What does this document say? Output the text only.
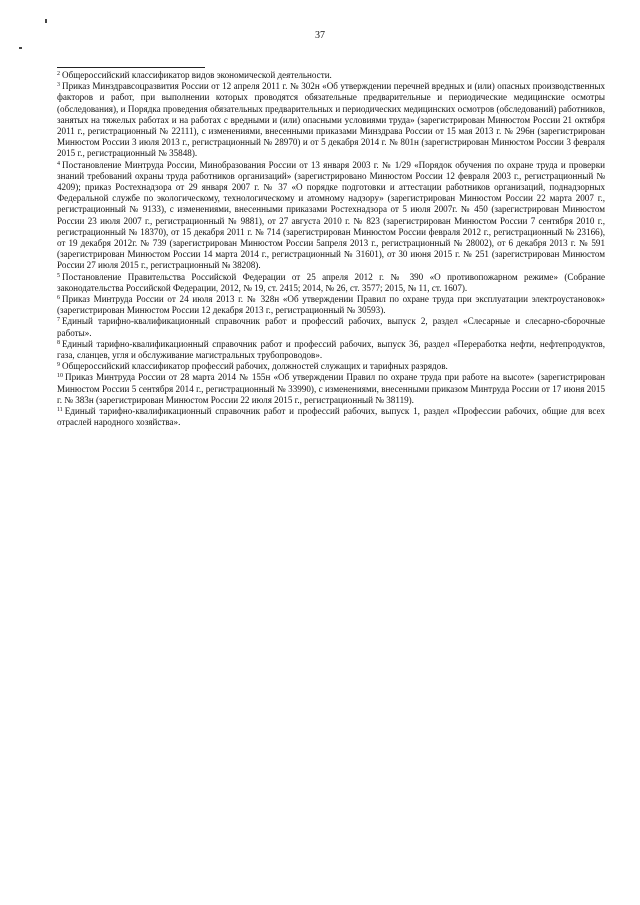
37

$^2$ Общероссийский классификатор видов экономической деятельности.

$^3$ Приказ Минздравсоцразвития России от 12 апреля 2011 г. № 302н «Об утверждении перечней вредных и (или) опасных производственных факторов и работ, при выполнении которых проводятся обязательные предварительные и периодические медицинские осмотры (обследования), и Порядка проведения обязательных предварительных и периодических медицинских осмотров (обследований) работников, занятых на тяжелых работах и на работах с вредными и (или) опасными условиями труда» (зарегистрирован Минюстом России 21 октября 2011 г., регистрационный № 22111), с изменениями, внесенными приказами Минздрава России от 15 мая 2013 г. № 296н (зарегистрирован Минюстом России 3 июля 2013 г., регистрационный № 28970) и от 5 декабря 2014 г. № 801н (зарегистрирован Минюстом России 3 февраля 2015 г., регистрационный № 35848).

$^4$ Постановление Минтруда России, Минобразования России от 13 января 2003 г. № 1/29 «Порядок обучения по охране труда и проверки знаний требований охраны труда работников организаций» (зарегистрировано Минюстом России 12 февраля 2003 г., регистрационный № 4209); приказ Ростехнадзора от 29 января 2007 г. № 37 «О порядке подготовки и аттестации работников организаций, поднадзорных Федеральной службе по экологическому, технологическому и атомному надзору» (зарегистрирован Минюстом России 22 марта 2007 г., регистрационный № 9133), с изменениями, внесенными приказами Ростехнадзора от 5 июля 2007г. № 450 (зарегистрирован Минюстом России 23 июля 2007 г., регистрационный № 9881), от 27 августа 2010 г. № 823 (зарегистрирован Минюстом России 7 сентября 2010 г., регистрационный № 18370), от 15 декабря 2011 г. № 714 (зарегистрирован Минюстом России февраля 2012 г., регистрационный № 23166), от 19 декабря 2012г. № 739 (зарегистрирован Минюстом России 5апреля 2013 г., регистрационный № 28002), от 6 декабря 2013 г. № 591 (зарегистрирован Минюстом России 14 марта 2014 г., регистрационный № 31601), от 30 июня 2015 г. № 251 (зарегистрирован Минюстом России 27 июля 2015 г., регистрационный № 38208).

$^5$ Постановление Правительства Российской Федерации от 25 апреля 2012 г. № 390 «О противопожарном режиме» (Собрание законодательства Российской Федерации, 2012, № 19, ст. 2415; 2014, № 26, ст. 3577; 2015, № 11, ст. 1607).

$^6$ Приказ Минтруда России от 24 июля 2013 г. № 328н «Об утверждении Правил по охране труда при эксплуатации электроустановок» (зарегистрирован Минюстом России 12 декабря 2013 г., регистрационный № 30593).

$^7$ Единый тарифно-квалификационный справочник работ и профессий рабочих, выпуск 2, раздел «Слесарные и слесарно-сборочные работы».

$^8$ Единый тарифно-квалификационный справочник работ и профессий рабочих, выпуск 36, раздел «Переработка нефти, нефтепродуктов, газа, сланцев, угля и обслуживание магистральных трубопроводов».

$^9$ Общероссийский классификатор профессий рабочих, должностей служащих и тарифных разрядов.

$^{10}$ Приказ Минтруда России от 28 марта 2014 № 155н «Об утверждении Правил по охране труда при работе на высоте» (зарегистрирован Минюстом России 5 сентября 2014 г., регистрационный № 33990), с изменениями, внесенными приказом Минтруда России от 17 июня 2015 г. № 383н (зарегистрирован Минюстом России 22 июля 2015 г., регистрационный № 38119).

$^{11}$ Единый тарифно-квалификационный справочник работ и профессий рабочих, выпуск 1, раздел «Профессии рабочих, общие для всех отраслей народного хозяйства».
